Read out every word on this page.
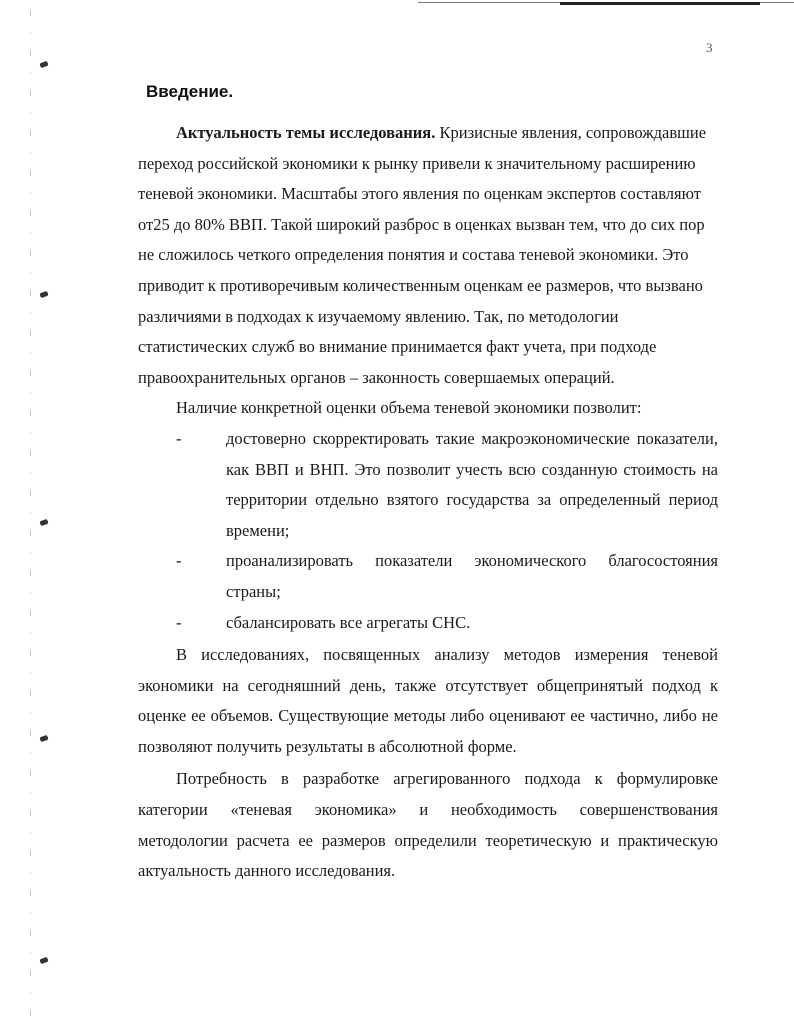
3
Введение.

Актуальность темы исследования. Кризисные явления, сопровождавшие переход российской экономики к рынку привели к значительному расширению теневой экономики. Масштабы этого явления по оценкам экспертов составляют от25 до 80% ВВП. Такой широкий разброс в оценках вызван тем, что до сих пор не сложилось четкого определения понятия и состава теневой экономики. Это приводит к противоречивым количественным оценкам ее размеров, что вызвано различиями в подходах к изучаемому явлению. Так, по методологии статистических служб во внимание принимается факт учета, при подходе правоохранительных органов – законность совершаемых операций.

Наличие конкретной оценки объема теневой экономики позволит:

-	достоверно скорректировать такие макроэкономические показатели, как ВВП и ВНП. Это позволит учесть всю созданную стоимость на территории отдельно взятого государства за определенный период времени;
-	проанализировать показатели экономического благосостояния страны;
-	сбалансировать все агрегаты СНС.

В исследованиях, посвященных анализу методов измерения теневой экономики на сегодняшний день, также отсутствует общепринятый подход к оценке ее объемов. Существующие методы либо оценивают ее частично, либо не позволяют получить результаты в абсолютной форме.

Потребность в разработке агрегированного подхода к формулировке категории «теневая экономика» и необходимость совершенствования методологии расчета ее размеров определили теоретическую и практическую актуальность данного исследования.
